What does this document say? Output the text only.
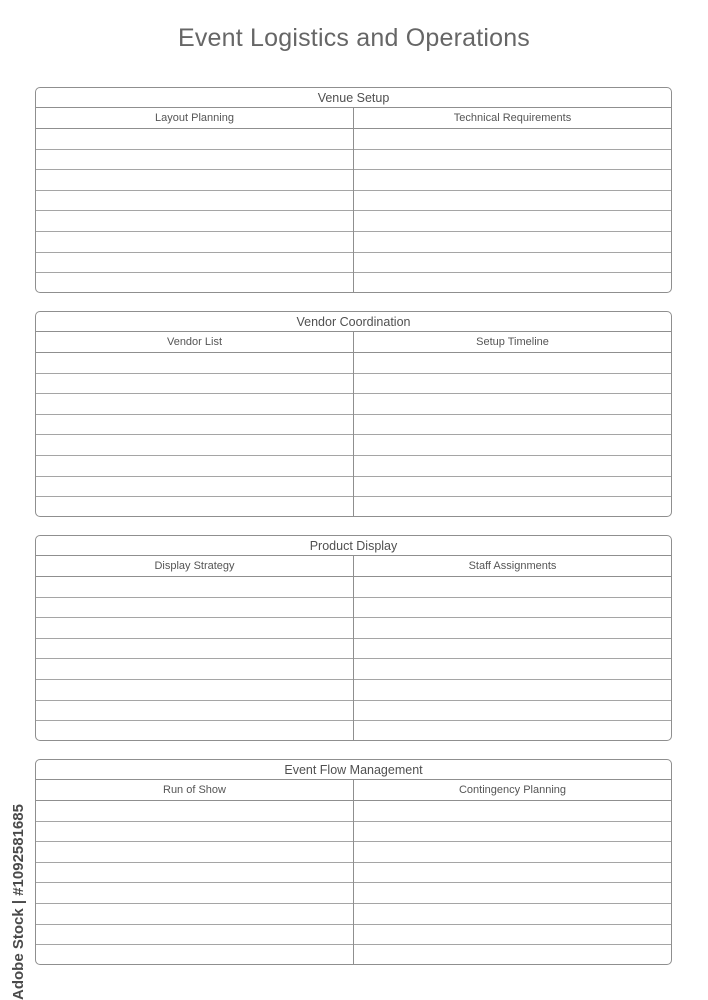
Event Logistics and Operations
Venue Setup
Layout Planning	Technical Requirements
Vendor Coordination
Vendor List	Setup Timeline
Product Display
Display Strategy	Staff Assignments
Event Flow Management
Run of Show	Contingency Planning
Adobe Stock | #1092581685
